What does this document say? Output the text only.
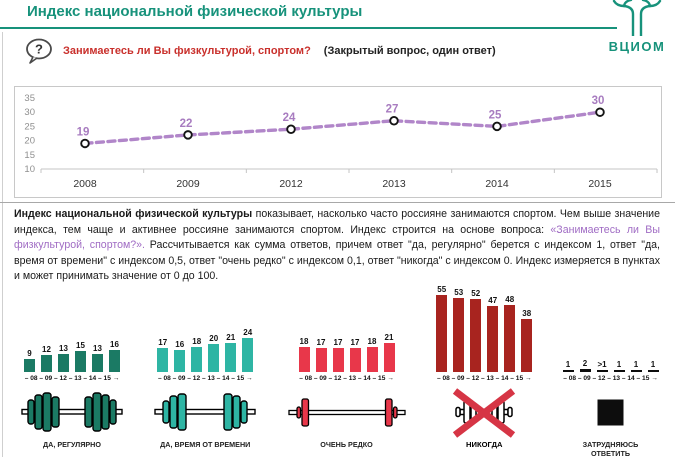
Индекс национальной физической культуры
ВЦИОМ
? Занимаетесь ли Вы физкультурой, спортом? (Закрытый вопрос, один ответ)
35
30
25
20
15
10
19
2008
22
2009
24
2012
27
2013
25
2014
30
2015
Индекс национальной физической культуры показывает, насколько часто россияне занимаются спортом. Чем выше значение индекса, тем чаще и активнее россияне занимаются спортом. Индекс строится на основе вопроса: «Занимаетесь ли Вы физкультурой, спортом?». Рассчитывается как сумма ответов, причем ответ "да, регулярно" берется с индексом 1, ответ "да, время от времени" с индексом 0,5, ответ "очень редко" с индексом 0,1, ответ "никогда" с индексом 0. Индекс измеряется в пунктах и может принимать значение от 0 до 100.
9 12 13 15 13 16
– 08 – 09 – 12 – 13 – 14 – 15 →
ДА, РЕГУЛЯРНО
17 16 18 20 21 24
– 08 – 09 – 12 – 13 – 14 – 15 →
ДА, ВРЕМЯ ОТ ВРЕМЕНИ
18 17 17 17 18 21
– 08 – 09 – 12 – 13 – 14 – 15 →
ОЧЕНЬ РЕДКО
55 53 52
47 48
38
– 08 – 09 – 12 – 13 – 14 – 15 →
НИКОГДА
1 2 >1 1 1 1
– 08 – 09 – 12 – 13 – 14 – 15 →
ЗАТРУДНЯЮСЬ ОТВЕТИТЬ
